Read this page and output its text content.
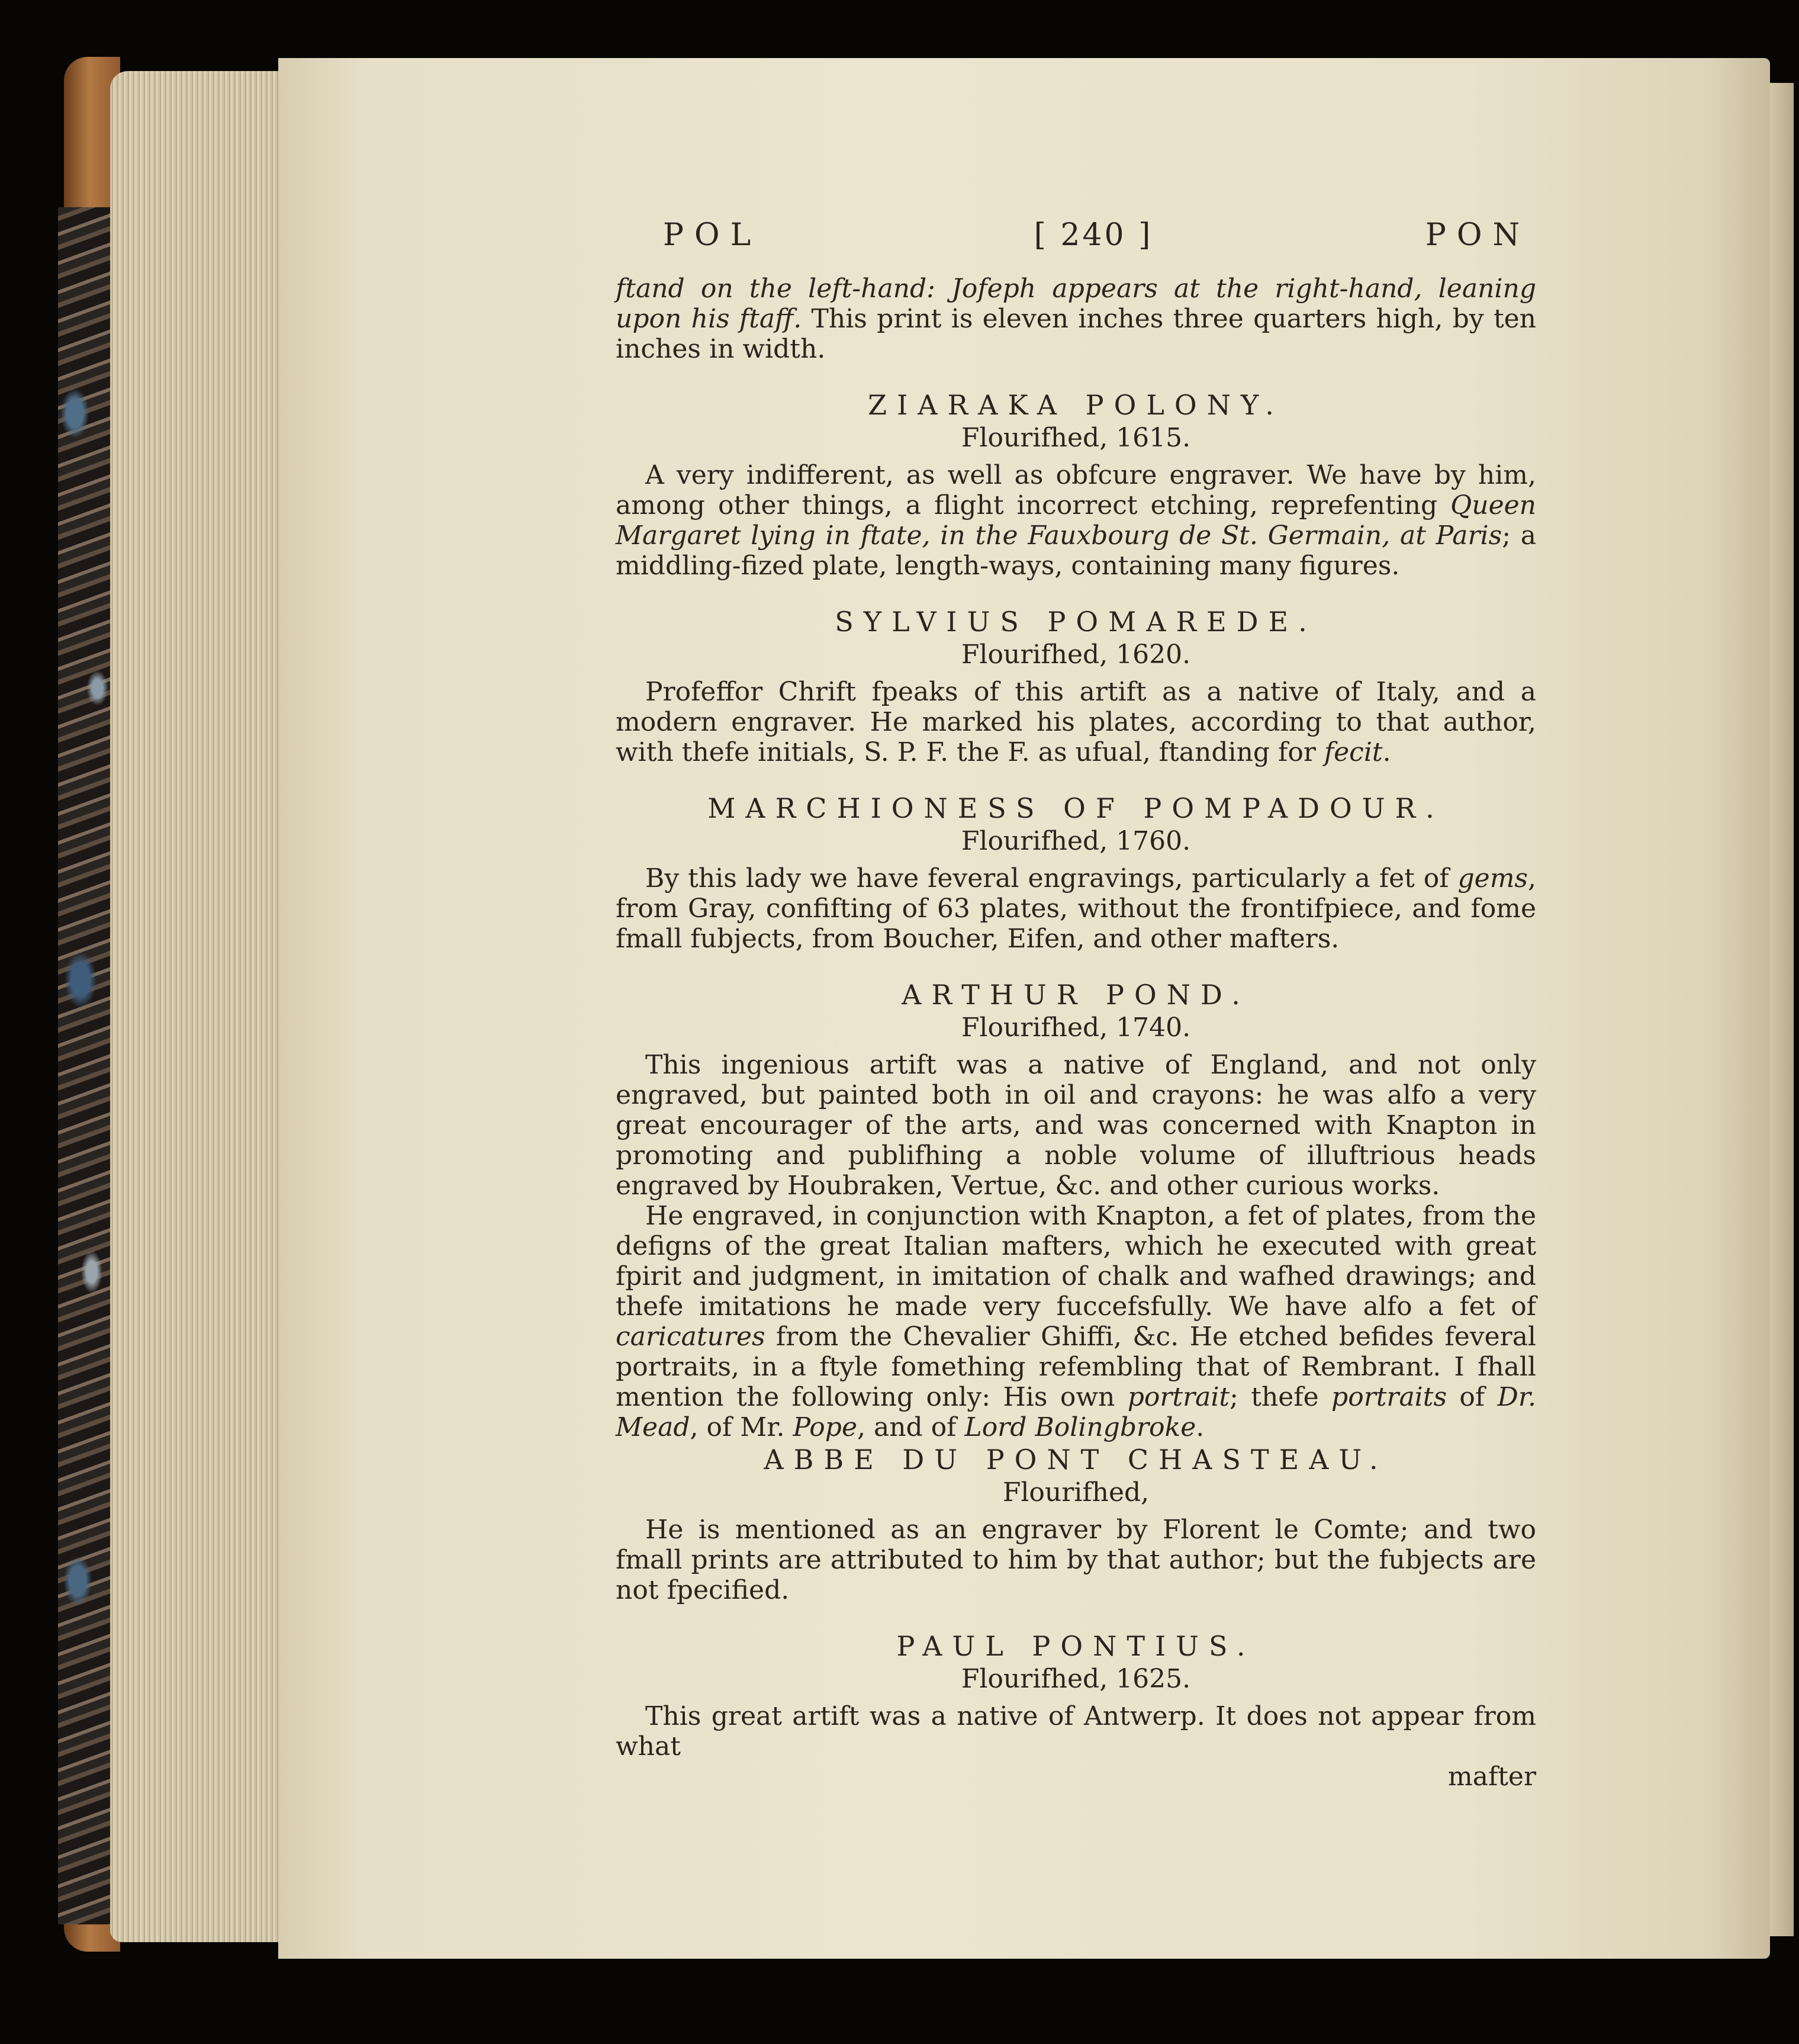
POL	[ 240 ]	PON

ftand on the left-hand: Jofeph appears at the right-hand, leaning upon his ftaff. This print is eleven inches three quarters high, by ten inches in width.

ZIARAKA POLONY.
Flourifhed, 1615.

A very indifferent, as well as obfcure engraver. We have by him, among other things, a flight incorrect etching, reprefenting Queen Margaret lying in ftate, in the Fauxbourg de St. Germain, at Paris; a middling-fized plate, length-ways, containing many figures.

SYLVIUS POMAREDE.
Flourifhed, 1620.

Profeffor Chrift fpeaks of this artift as a native of Italy, and a modern engraver. He marked his plates, according to that author, with thefe initials, S. P. F. the F. as ufual, ftanding for fecit.

MARCHIONESS OF POMPADOUR.
Flourifhed, 1760.

By this lady we have feveral engravings, particularly a fet of gems, from Gray, confifting of 63 plates, without the frontifpiece, and fome fmall fubjects, from Boucher, Eifen, and other mafters.

ARTHUR POND.
Flourifhed, 1740.

This ingenious artift was a native of England, and not only engraved, but painted both in oil and crayons: he was alfo a very great encourager of the arts, and was concerned with Knapton in promoting and publifhing a noble volume of illuftrious heads engraved by Houbraken, Vertue, &c. and other curious works.

He engraved, in conjunction with Knapton, a fet of plates, from the defigns of the great Italian mafters, which he executed with great fpirit and judgment, in imitation of chalk and wafhed drawings; and thefe imitations he made very fuccefsfully. We have alfo a fet of caricatures from the Chevalier Ghiffi, &c. He etched befides feveral portraits, in a ftyle fomething refembling that of Rembrant. I fhall mention the following only: His own portrait; thefe portraits of Dr. Mead, of Mr. Pope, and of Lord Bolingbroke.

ABBE DU PONT CHASTEAU.
Flourifhed,

He is mentioned as an engraver by Florent le Comte; and two fmall prints are attributed to him by that author; but the fubjects are not fpecified.

PAUL PONTIUS.
Flourifhed, 1625.

This great artift was a native of Antwerp. It does not appear from what

mafter
